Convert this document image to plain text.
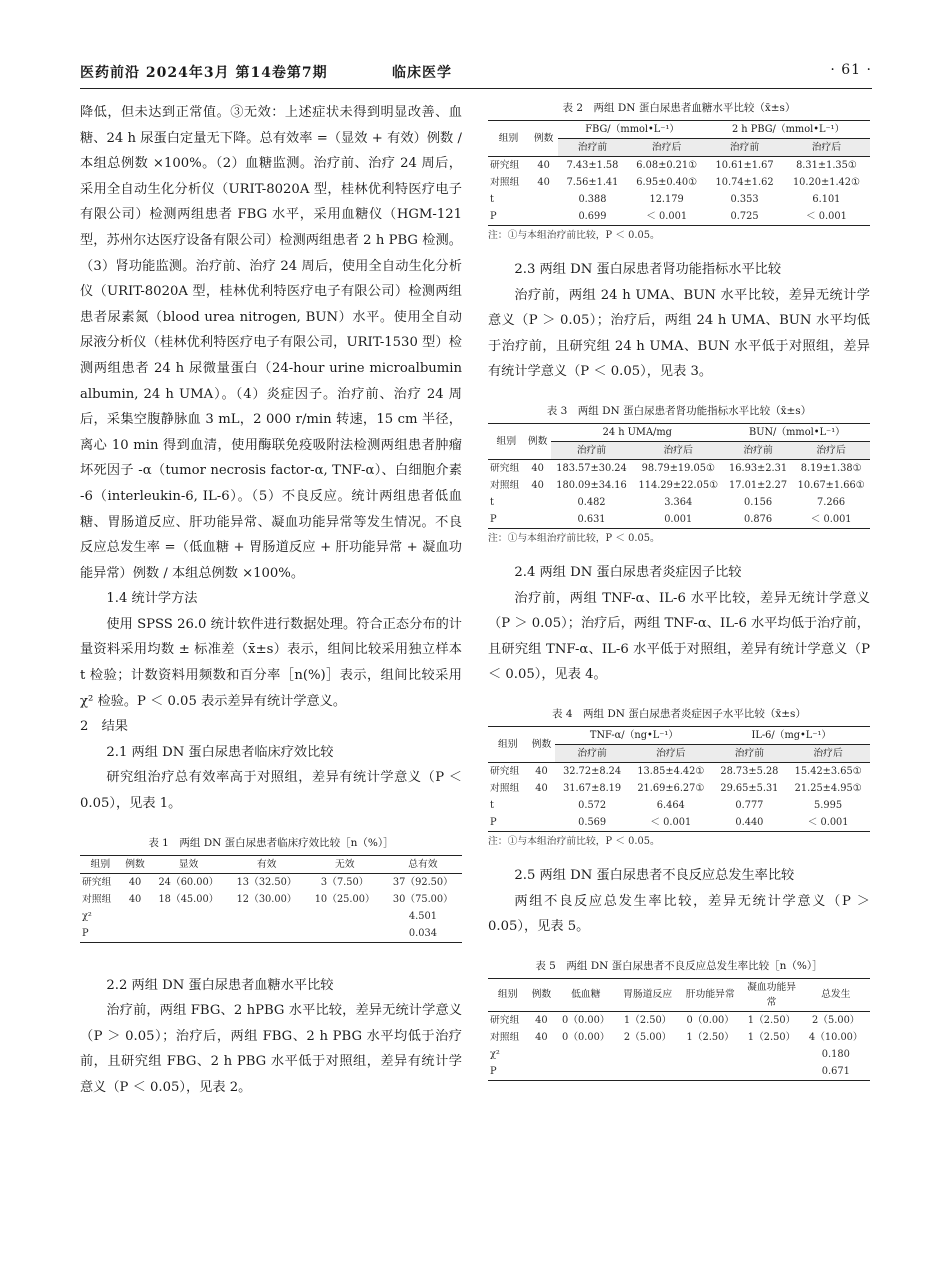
医药前沿 2024年3月 第14卷第7期	临床医学	· 61 ·

降低，但未达到正常值。③无效：上述症状未得到明显改善、血糖、24 h 尿蛋白定量无下降。总有效率 =（显效 + 有效）例数 / 本组总例数 ×100%。（2）血糖监测。治疗前、治疗 24 周后，采用全自动生化分析仪（URIT-8020A 型，桂林优利特医疗电子有限公司）检测两组患者 FBG 水平，采用血糖仪（HGM-121 型，苏州尔达医疗设备有限公司）检测两组患者 2 h PBG 检测。（3）肾功能监测。治疗前、治疗 24 周后，使用全自动生化分析仪（URIT-8020A 型，桂林优利特医疗电子有限公司）检测两组患者尿素氮（blood urea nitrogen, BUN）水平。使用全自动尿液分析仪（桂林优利特医疗电子有限公司，URIT-1530 型）检测两组患者 24 h 尿微量蛋白（24-hour urine microalbumin albumin, 24 h UMA）。（4）炎症因子。治疗前、治疗 24 周后，采集空腹静脉血 3 mL，2 000 r/min 转速，15 cm 半径，离心 10 min 得到血清，使用酶联免疫吸附法检测两组患者肿瘤坏死因子 -α（tumor necrosis factor-α, TNF-α）、白细胞介素 -6（interleukin-6, IL-6）。（5）不良反应。统计两组患者低血糖、胃肠道反应、肝功能异常、凝血功能异常等发生情况。不良反应总发生率 =（低血糖 + 胃肠道反应 + 肝功能异常 + 凝血功能异常）例数 / 本组总例数 ×100%。

1.4 统计学方法

使用 SPSS 26.0 统计软件进行数据处理。符合正态分布的计量资料采用均数 ± 标准差（x̄±s）表示，组间比较采用独立样本 t 检验；计数资料用频数和百分率［n(%)］表示，组间比较采用 χ² 检验。P ＜ 0.05 表示差异有统计学意义。

2　结果

2.1 两组 DN 蛋白尿患者临床疗效比较

研究组治疗总有效率高于对照组，差异有统计学意义（P ＜ 0.05），见表 1。

表 1　两组 DN 蛋白尿患者临床疗效比较［n（%）］
组别	例数	显效	有效	无效	总有效
研究组	40	24（60.00）	13（32.50）	3（7.50）	37（92.50）
对照组	40	18（45.00）	12（30.00）	10（25.00）	30（75.00）
χ²					4.501
P					0.034

2.2 两组 DN 蛋白尿患者血糖水平比较

治疗前，两组 FBG、2 hPBG 水平比较，差异无统计学意义（P ＞ 0.05）；治疗后，两组 FBG、2 h PBG 水平均低于治疗前，且研究组 FBG、2 h PBG 水平低于对照组，差异有统计学意义（P ＜ 0.05），见表 2。

表 2　两组 DN 蛋白尿患者血糖水平比较（x̄±s）
组别	例数	FBG/（mmol•L⁻¹）		2 h PBG/（mmol•L⁻¹）	
		治疗前	治疗后	治疗前	治疗后
研究组	40	7.43±1.58	6.08±0.21①	10.61±1.67	8.31±1.35①
对照组	40	7.56±1.41	6.95±0.40①	10.74±1.62	10.20±1.42①
t		0.388	12.179	0.353	6.101
P		0.699	＜ 0.001	0.725	＜ 0.001
注：①与本组治疗前比较，P ＜ 0.05。

2.3 两组 DN 蛋白尿患者肾功能指标水平比较

治疗前，两组 24 h UMA、BUN 水平比较，差异无统计学意义（P ＞ 0.05）；治疗后，两组 24 h UMA、BUN 水平均低于治疗前，且研究组 24 h UMA、BUN 水平低于对照组，差异有统计学意义（P ＜ 0.05），见表 3。

表 3　两组 DN 蛋白尿患者肾功能指标水平比较（x̄±s）
组别	例数	24 h UMA/mg		BUN/（mmol•L⁻¹）	
		治疗前	治疗后	治疗前	治疗后
研究组	40	183.57±30.24	98.79±19.05①	16.93±2.31	8.19±1.38①
对照组	40	180.09±34.16	114.29±22.05①	17.01±2.27	10.67±1.66①
t		0.482	3.364	0.156	7.266
P		0.631	0.001	0.876	＜ 0.001
注：①与本组治疗前比较，P ＜ 0.05。

2.4 两组 DN 蛋白尿患者炎症因子比较

治疗前，两组 TNF-α、IL-6 水平比较，差异无统计学意义（P ＞ 0.05）；治疗后，两组 TNF-α、IL-6 水平均低于治疗前，且研究组 TNF-α、IL-6 水平低于对照组，差异有统计学意义（P ＜ 0.05），见表 4。

表 4　两组 DN 蛋白尿患者炎症因子水平比较（x̄±s）
组别	例数	TNF-α/（ng•L⁻¹）		IL-6/（mg•L⁻¹）	
		治疗前	治疗后	治疗前	治疗后
研究组	40	32.72±8.24	13.85±4.42①	28.73±5.28	15.42±3.65①
对照组	40	31.67±8.19	21.69±6.27①	29.65±5.31	21.25±4.95①
t		0.572	6.464	0.777	5.995
P		0.569	＜ 0.001	0.440	＜ 0.001
注：①与本组治疗前比较，P ＜ 0.05。

2.5 两组 DN 蛋白尿患者不良反应总发生率比较

两组不良反应总发生率比较，差异无统计学意义（P ＞ 0.05），见表 5。

表 5　两组 DN 蛋白尿患者不良反应总发生率比较［n（%）］
组别	例数	低血糖	胃肠道反应	肝功能异常	凝血功能异常	总发生
研究组	40	0（0.00）	1（2.50）	0（0.00）	1（2.50）	2（5.00）
对照组	40	0（0.00）	2（5.00）	1（2.50）	1（2.50）	4（10.00）
χ²						0.180
P						0.671
